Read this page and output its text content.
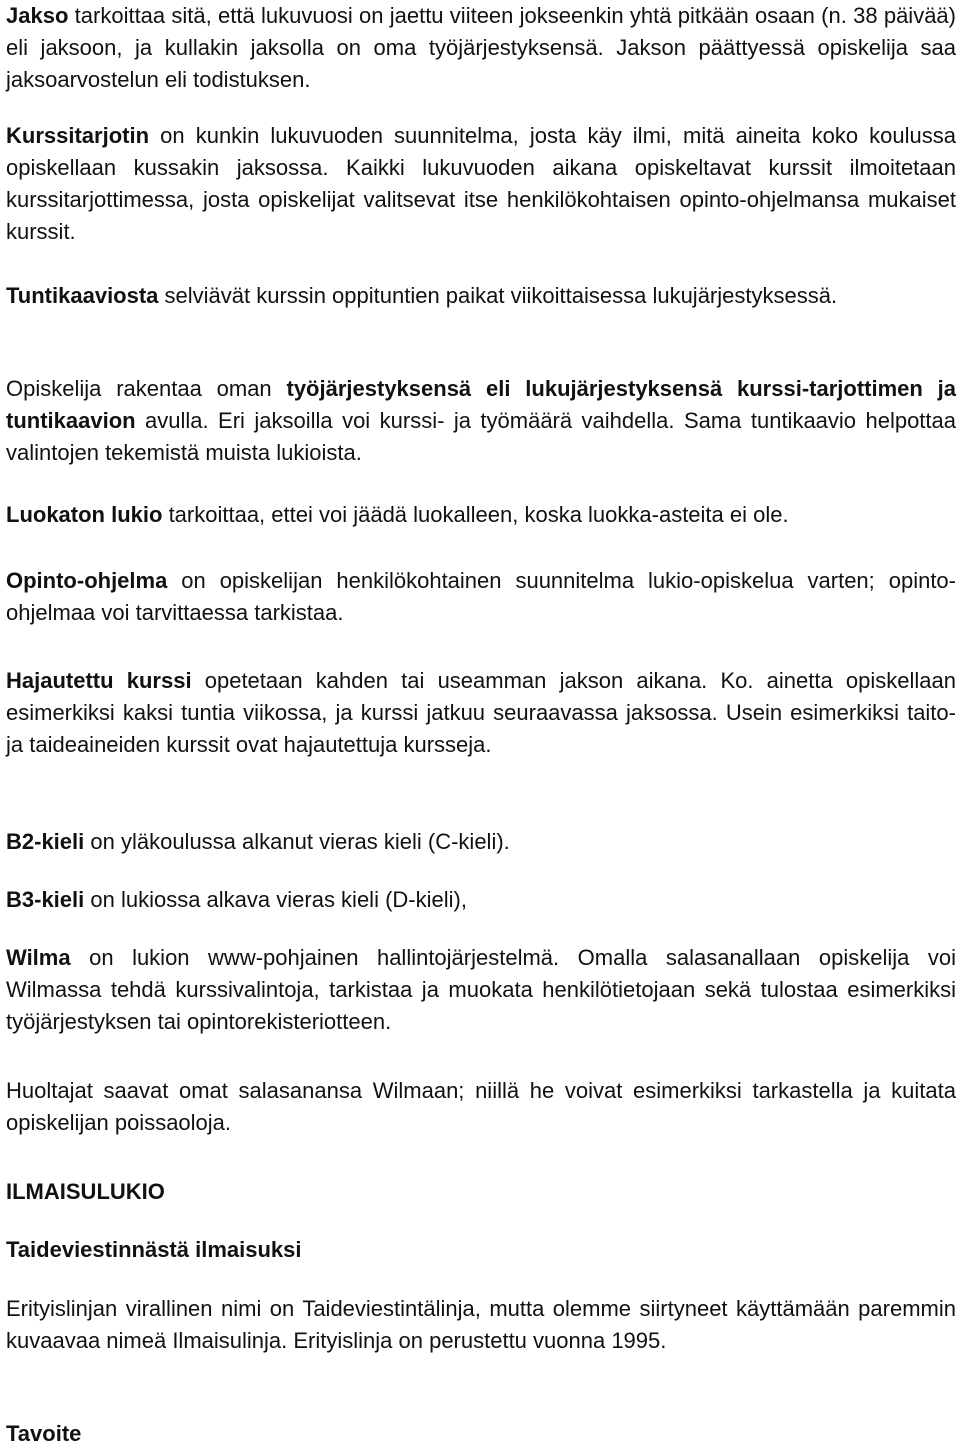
Jakso tarkoittaa sitä, että lukuvuosi on jaettu viiteen jokseenkin yhtä pitkään osaan (n. 38 päivää) eli jaksoon, ja kullakin jaksolla on oma työjärjestyksensä. Jakson päättyessä opiskelija saa jaksoarvostelun eli todistuksen.

Kurssitarjotin on kunkin lukuvuoden suunnitelma, josta käy ilmi, mitä aineita koko koulussa opiskellaan kussakin jaksossa. Kaikki lukuvuoden aikana opiskeltavat kurssit ilmoitetaan kurssitarjottimessa, josta opiskelijat valitsevat itse henkilökohtaisen opinto-ohjelmansa mukaiset kurssit.

Tuntikaaviosta selviävät kurssin oppituntien paikat viikoittaisessa lukujärjestyksessä.

Opiskelija rakentaa oman työjärjestyksensä eli lukujärjestyksensä kurssi-tarjottimen ja tuntikaavion avulla. Eri jaksoilla voi kurssi- ja työmäärä vaihdella. Sama tuntikaavio helpottaa valintojen tekemistä muista lukioista.

Luokaton lukio tarkoittaa, ettei voi jäädä luokalleen, koska luokka-asteita ei ole.

Opinto-ohjelma on opiskelijan henkilökohtainen suunnitelma lukio-opiskelua varten; opinto-ohjelmaa voi tarvittaessa tarkistaa.

Hajautettu kurssi opetetaan kahden tai useamman jakson aikana. Ko. ainetta opiskellaan esimerkiksi kaksi tuntia viikossa, ja kurssi jatkuu seuraavassa jaksossa. Usein esimerkiksi taito- ja taideaineiden kurssit ovat hajautettuja kursseja.

B2-kieli on yläkoulussa alkanut vieras kieli (C-kieli).

B3-kieli on lukiossa alkava vieras kieli (D-kieli),

Wilma on lukion www-pohjainen hallintojärjestelmä. Omalla salasanallaan opiskelija voi Wilmassa tehdä kurssivalintoja, tarkistaa ja muokata henkilötietojaan sekä tulostaa esimerkiksi työjärjestyksen tai opintorekisteriotteen.

Huoltajat saavat omat salasanansa Wilmaan; niillä he voivat esimerkiksi tarkastella ja kuitata opiskelijan poissaoloja.

ILMAISULUKIO

Taideviestinnästä ilmaisuksi

Erityislinjan virallinen nimi on Taideviestintälinja, mutta olemme siirtyneet käyttämään paremmin kuvaavaa nimeä Ilmaisulinja. Erityislinja on perustettu vuonna 1995.

Tavoite
